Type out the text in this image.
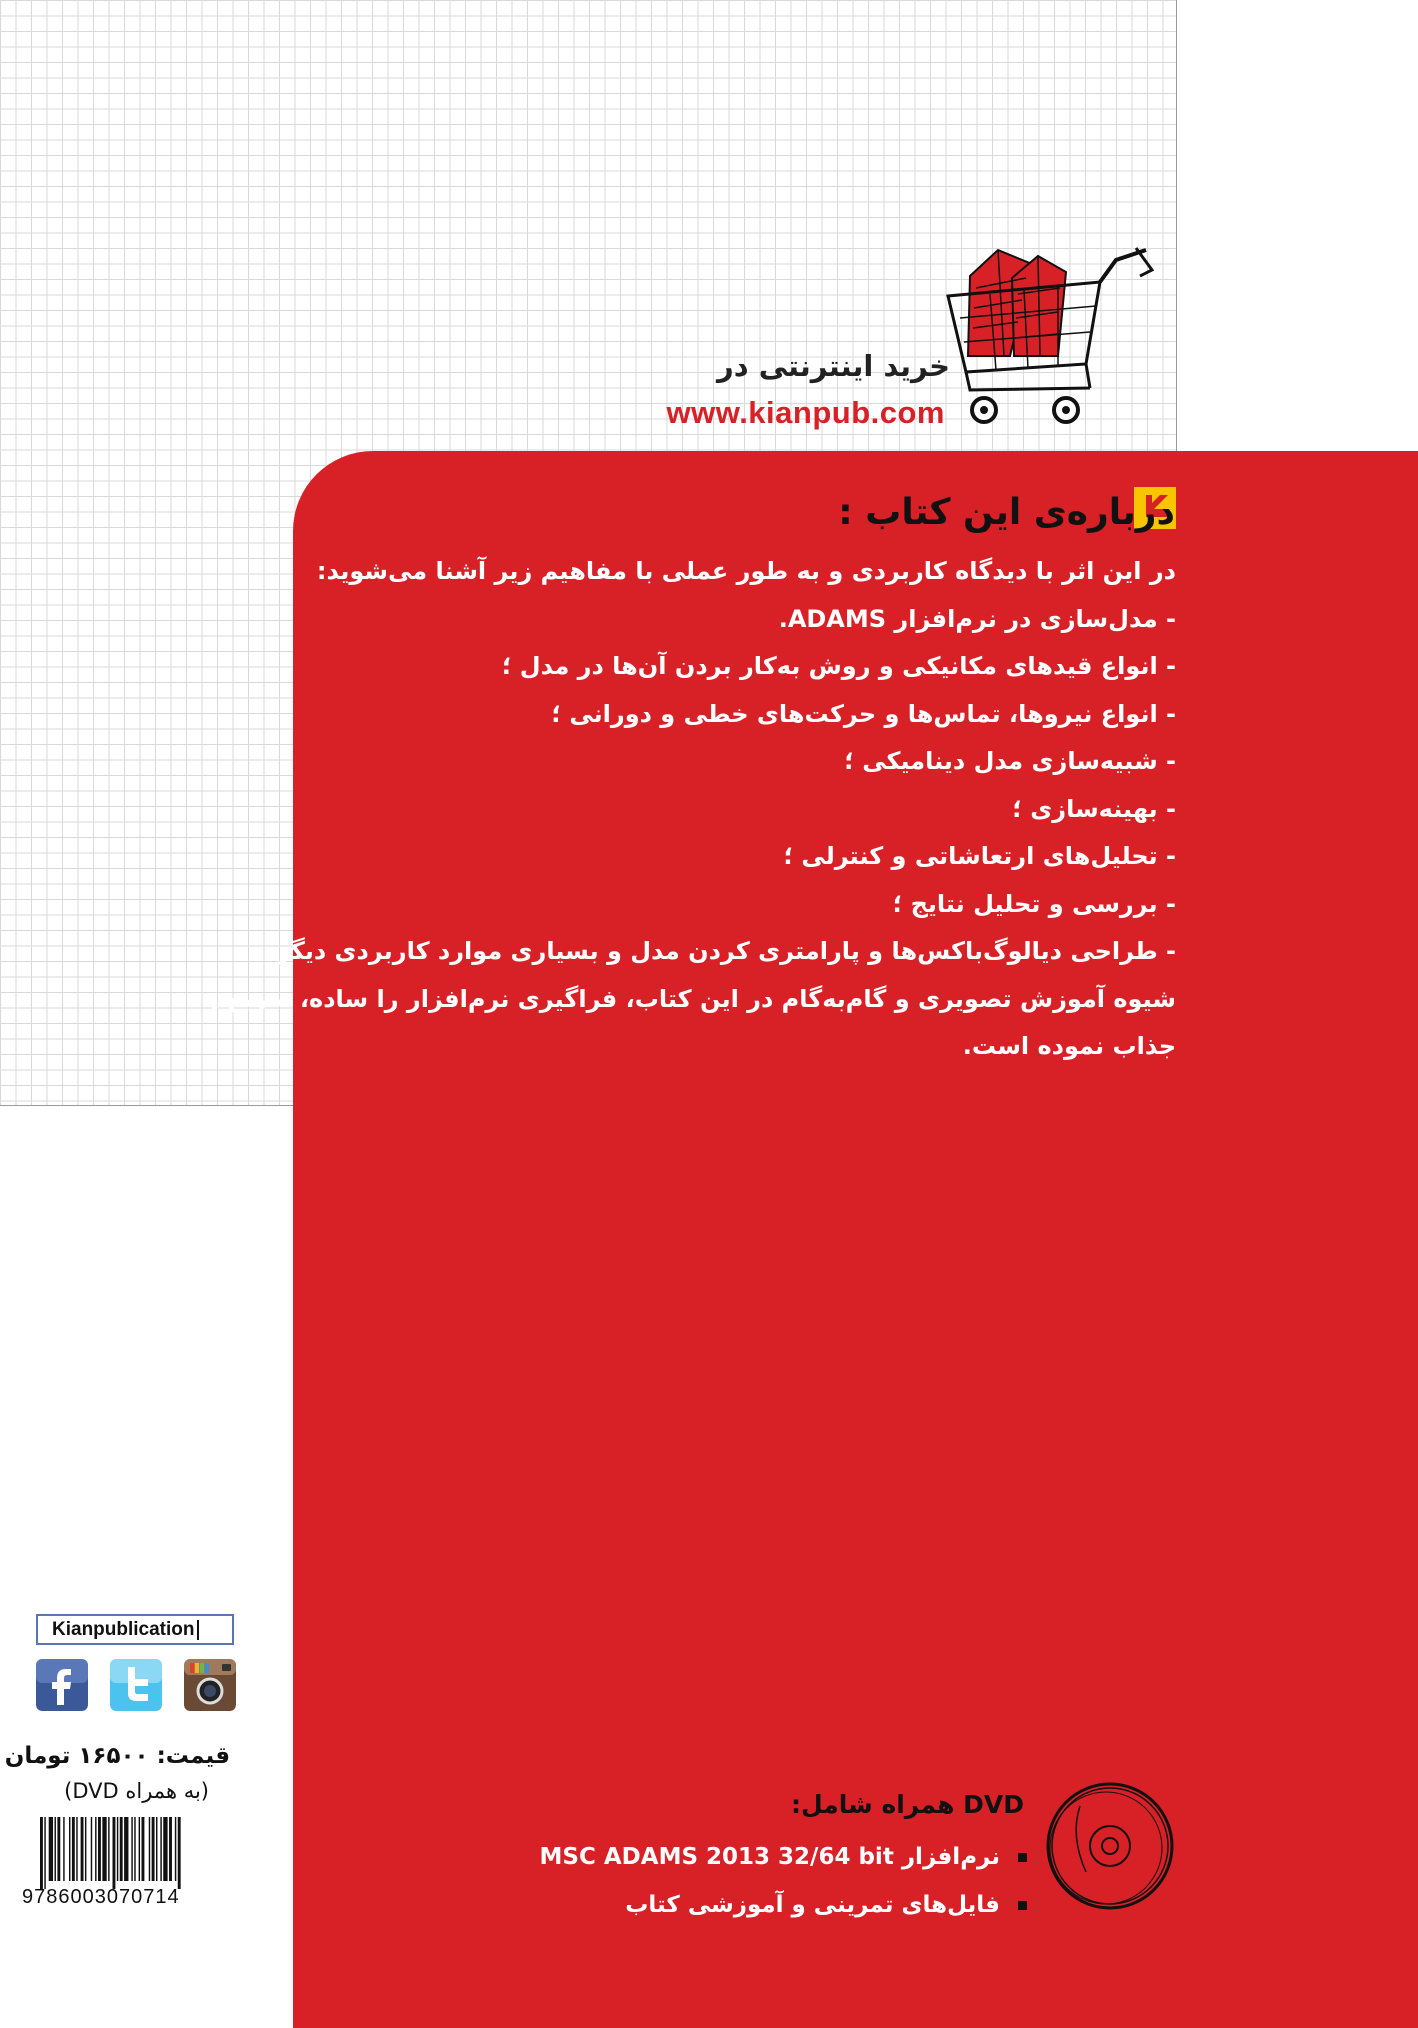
خرید اینترنتی در
www.kianpub.com
درباره‌ی این کتاب :
در این اثر با دیدگاه کاربردی و به طور عملی با مفاهیم زیر آشنا می‌شوید:
- مدل‌سازی در نرم‌افزار ADAMS.
- انواع قیدهای مکانیکی و روش به‌کار بردن آن‌ها در مدل ؛
- انواع نیروها، تماس‌ها و حرکت‌های خطی و دورانی ؛
- شبیه‌سازی مدل دینامیکی ؛
- بهینه‌سازی ؛
- تحلیل‌های ارتعاشاتی و کنترلی ؛
- بررسی و تحلیل نتایج ؛
- طراحی دیالوگ‌باکس‌ها و پارامتری کردن مدل و بسیاری موارد کاربردی دیگر.
شیوه آموزش تصویری و گام‌به‌گام در این کتاب، فراگیری نرم‌افزار را ساده، سریع و
جذاب نموده است.
DVD همراه شامل:
نرم‌افزار MSC ADAMS 2013 32/64 bit
فایل‌های تمرینی و آموزشی کتاب
Kianpublication
قیمت: ۱۶۵۰۰ تومان
(به همراه DVD)
9786003070714
